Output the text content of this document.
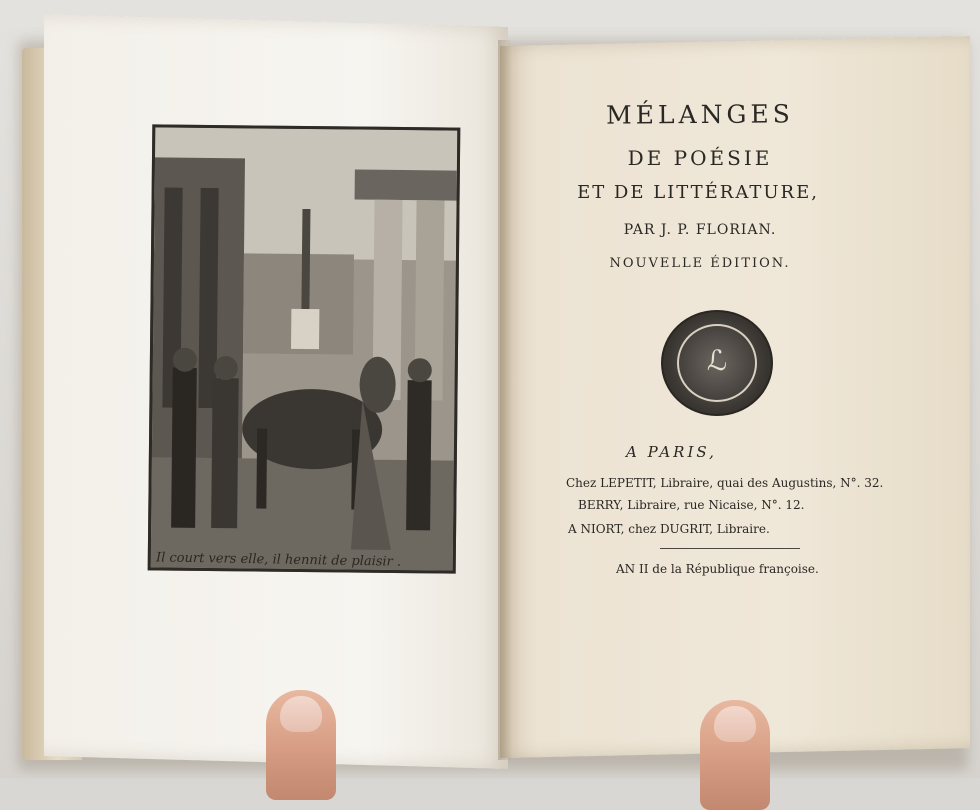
Il court vers elle, il hennit de plaisir .
MÉLANGES
DE POÉSIE
ET DE LITTÉRATURE,
PAR J. P. FLORIAN.
NOUVELLE ÉDITION.
ℒ
A PARIS,
Chez LEPETIT, Libraire, quai des Augustins, N°. 32.
BERRY, Libraire, rue Nicaise, N°. 12.
A NIORT, chez DUGRIT, Libraire.
AN II de la République françoise.
